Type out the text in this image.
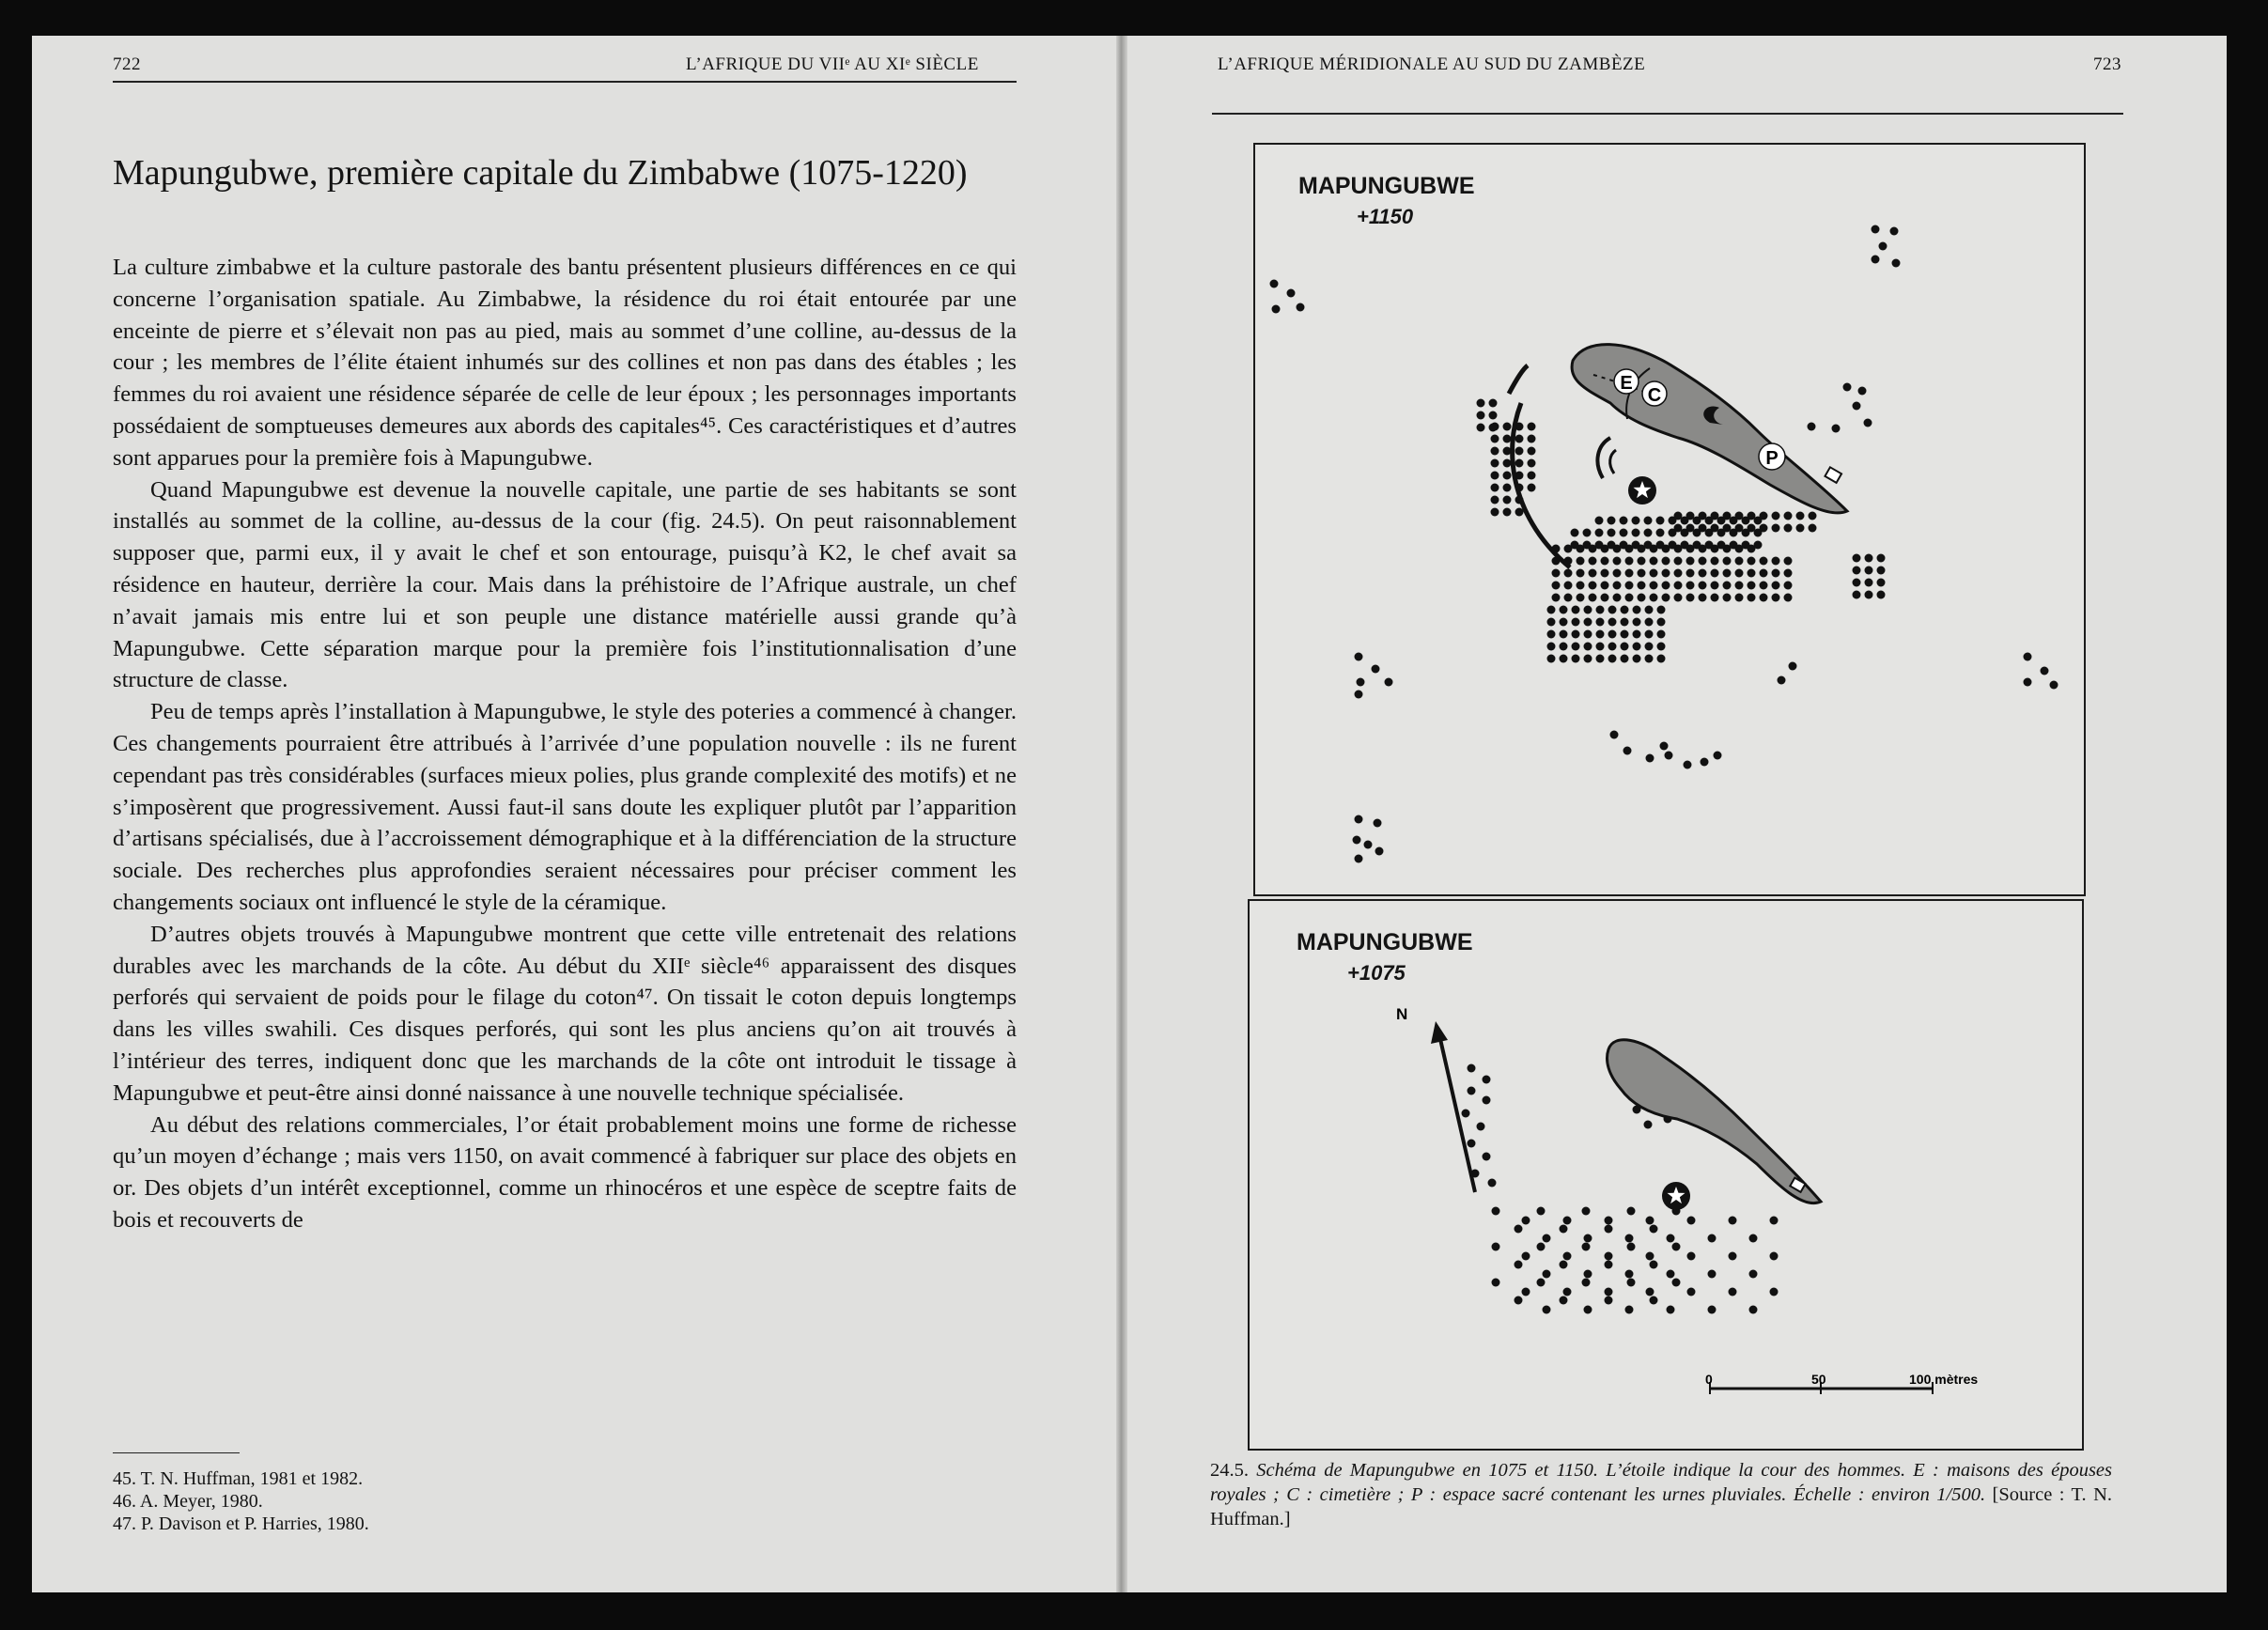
722	L’AFRIQUE DU VIIᵉ AU XIᵉ SIÈCLE
Mapungubwe, première capitale du Zimbabwe (1075-1220)

La culture zimbabwe et la culture pastorale des bantu présentent plusieurs différences en ce qui concerne l’organisation spatiale. Au Zimbabwe, la résidence du roi était entourée par une enceinte de pierre et s’élevait non pas au pied, mais au sommet d’une colline, au-dessus de la cour ; les membres de l’élite étaient inhumés sur des collines et non pas dans des étables ; les femmes du roi avaient une résidence séparée de celle de leur époux ; les personnages importants possédaient de somptueuses demeures aux abords des capitales⁴⁵. Ces caractéristiques et d’autres sont apparues pour la première fois à Mapungubwe.

Quand Mapungubwe est devenue la nouvelle capitale, une partie de ses habitants se sont installés au sommet de la colline, au-dessus de la cour (fig. 24.5). On peut raisonnablement supposer que, parmi eux, il y avait le chef et son entourage, puisqu’à K2, le chef avait sa résidence en hauteur, derrière la cour. Mais dans la préhistoire de l’Afrique australe, un chef n’avait jamais mis entre lui et son peuple une distance matérielle aussi grande qu’à Mapungubwe. Cette séparation marque pour la première fois l’institutionnalisation d’une structure de classe.

Peu de temps après l’installation à Mapungubwe, le style des poteries a commencé à changer. Ces changements pourraient être attribués à l’arrivée d’une population nouvelle : ils ne furent cependant pas très considérables (surfaces mieux polies, plus grande complexité des motifs) et ne s’imposèrent que progressivement. Aussi faut-il sans doute les expliquer plutôt par l’apparition d’artisans spécialisés, due à l’accroissement démographique et à la différenciation de la structure sociale. Des recherches plus approfondies seraient nécessaires pour préciser comment les changements sociaux ont influencé le style de la céramique.

D’autres objets trouvés à Mapungubwe montrent que cette ville entretenait des relations durables avec les marchands de la côte. Au début du XIIᵉ siècle⁴⁶ apparaissent des disques perforés qui servaient de poids pour le filage du coton⁴⁷. On tissait le coton depuis longtemps dans les villes swahili. Ces disques perforés, qui sont les plus anciens qu’on ait trouvés à l’intérieur des terres, indiquent donc que les marchands de la côte ont introduit le tissage à Mapungubwe et peut-être ainsi donné naissance à une nouvelle technique spécialisée.

Au début des relations commerciales, l’or était probablement moins une forme de richesse qu’un moyen d’échange ; mais vers 1150, on avait commencé à fabriquer sur place des objets en or. Des objets d’un intérêt exceptionnel, comme un rhinocéros et une espèce de sceptre faits de bois et recouverts de

45. T. N. Huffman, 1981 et 1982.
46. A. Meyer, 1980.
47. P. Davison et P. Harries, 1980.
L’AFRIQUE MÉRIDIONALE AU SUD DU ZAMBÈZE	723
MAPUNGUBWE
+1150
E
C
P
MAPUNGUBWE
+1075
N
0	50	100 mètres
24.5. Schéma de Mapungubwe en 1075 et 1150. L’étoile indique la cour des hommes. E : maisons des épouses royales ; C : cimetière ; P : espace sacré contenant les urnes pluviales. Échelle : environ 1/500. [Source : T. N. Huffman.]
